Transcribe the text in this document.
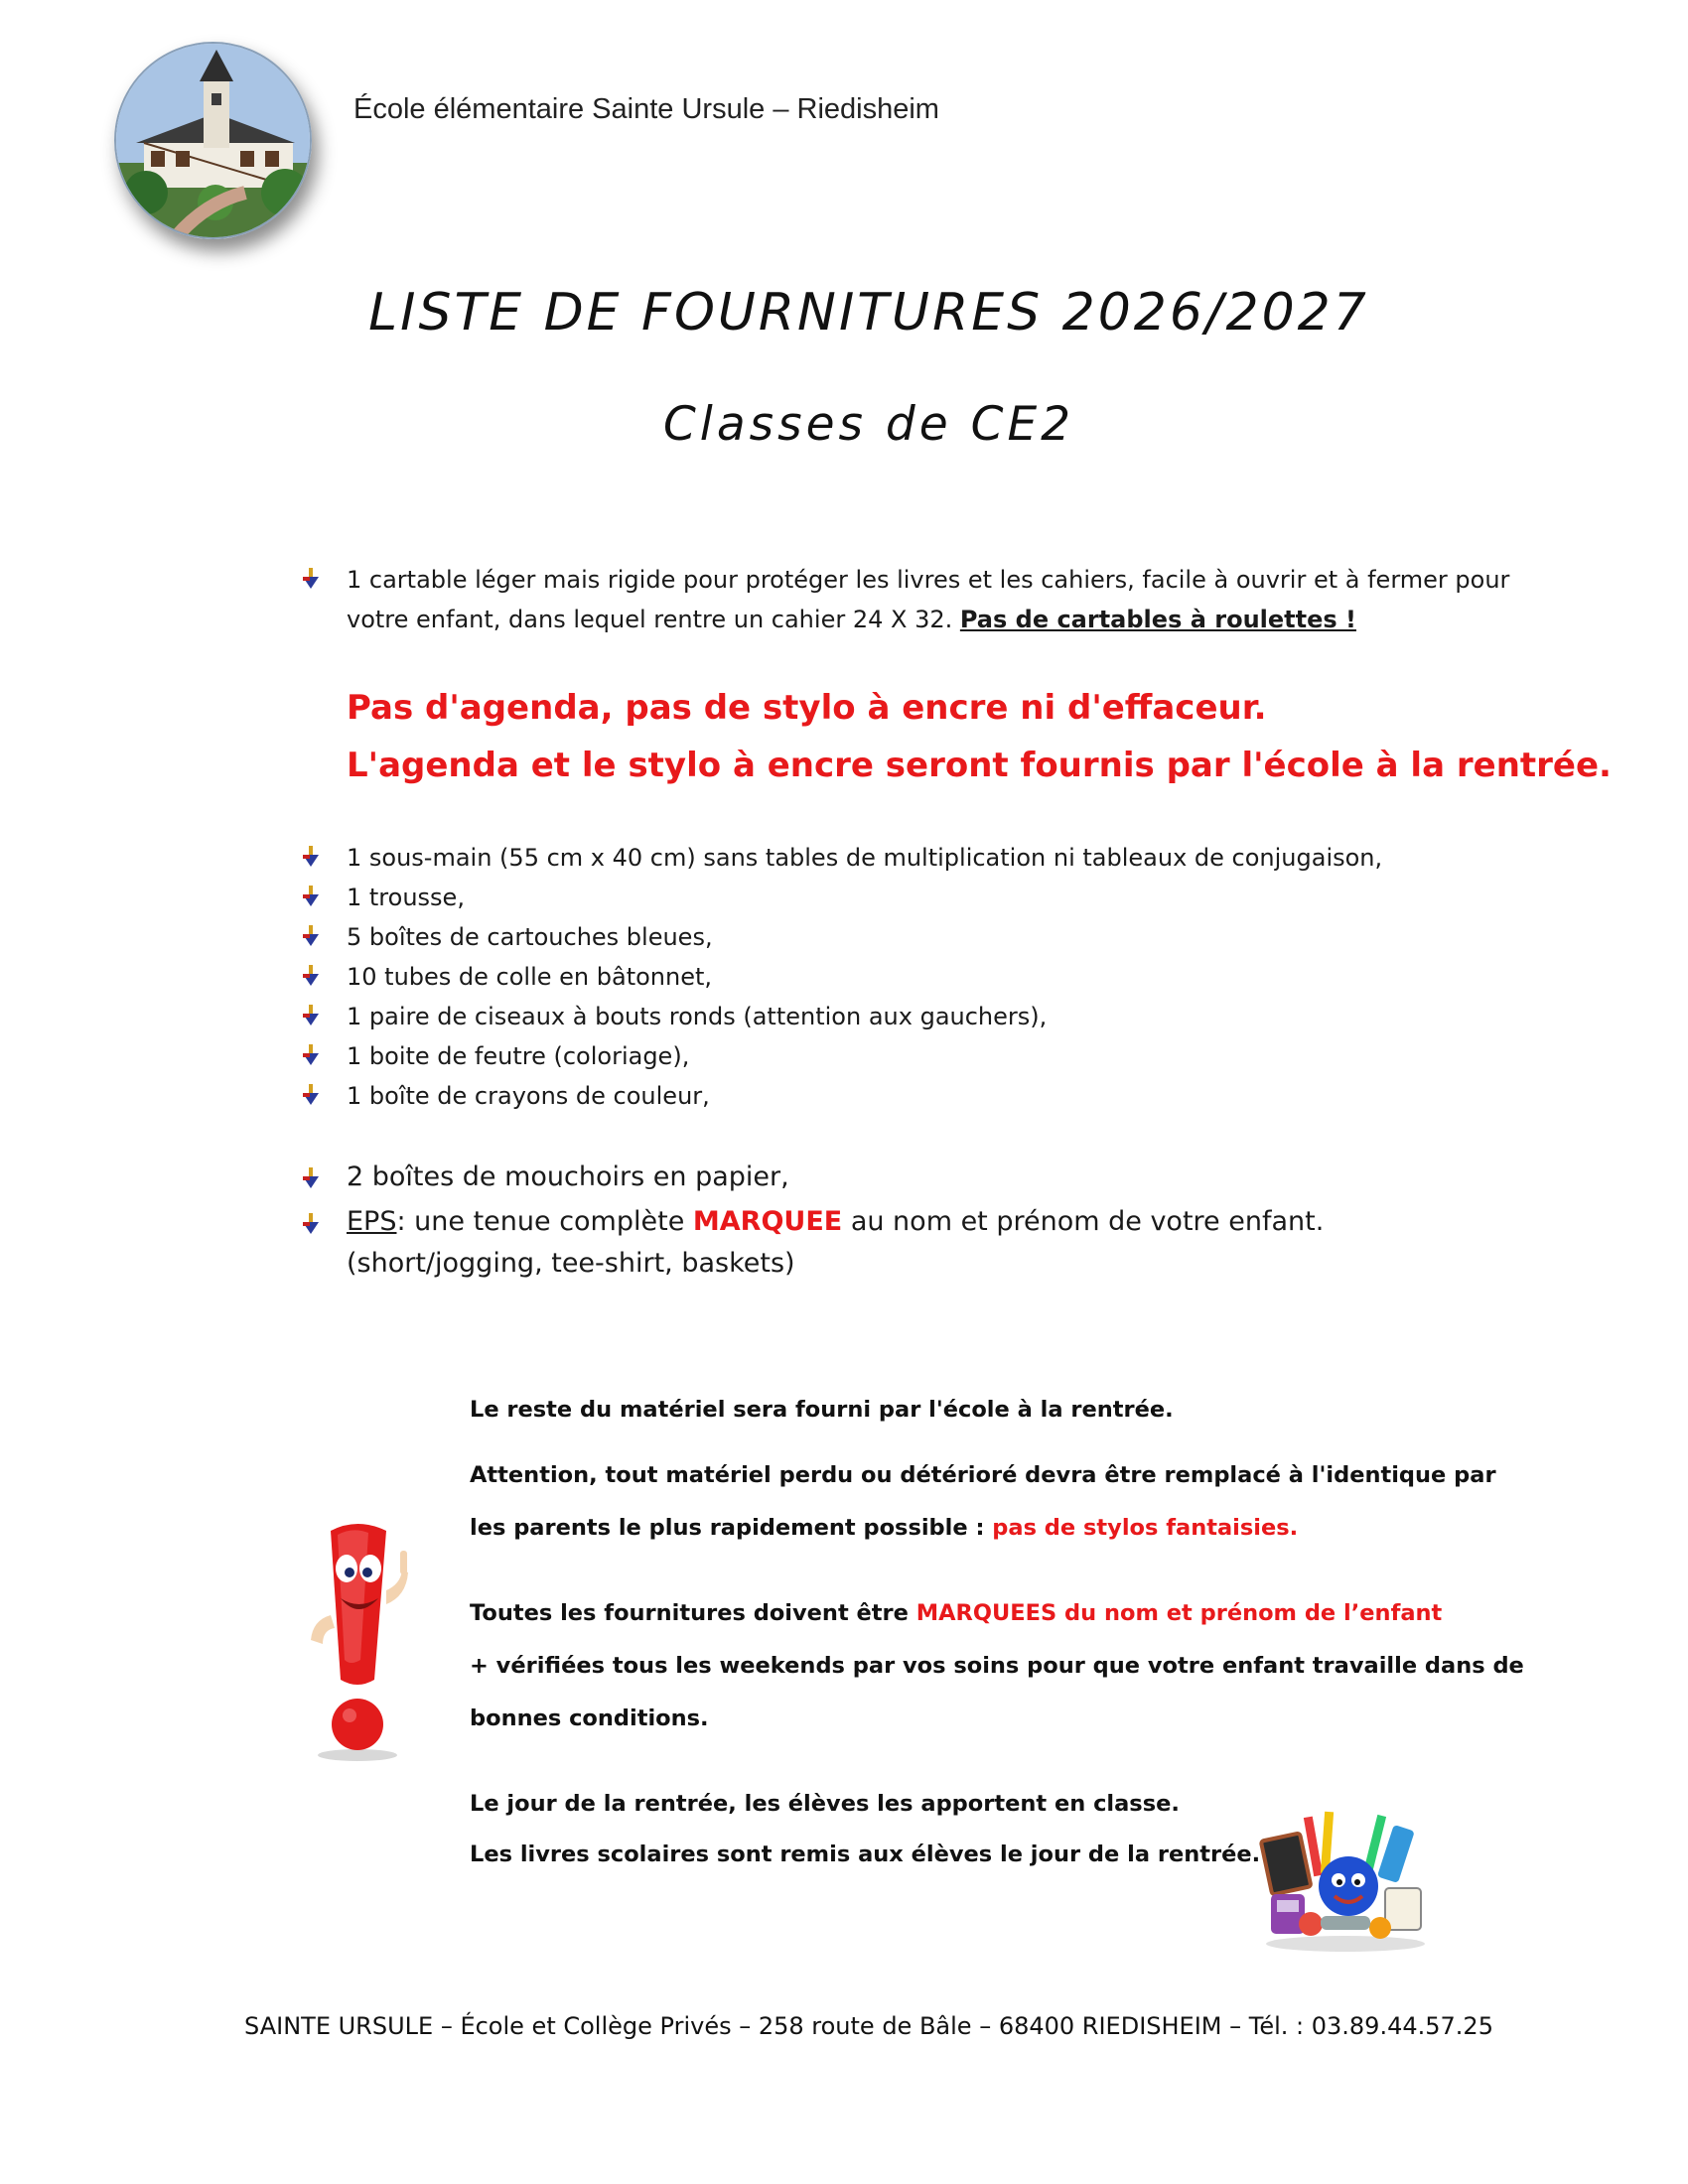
École élémentaire Sainte Ursule – Riedisheim
LISTE DE FOURNITURES 2026/2027
Classes de CE2
1 cartable léger mais rigide pour protéger les livres et les cahiers, facile à ouvrir et à fermer pour
votre enfant, dans lequel rentre un cahier 24 X 32. Pas de cartables à roulettes !
Pas d'agenda, pas de stylo à encre ni d'effaceur.
L'agenda et le stylo à encre seront fournis par l'école à la rentrée.
1 sous-main (55 cm x 40 cm) sans tables de multiplication ni tableaux de conjugaison,
1 trousse,
5 boîtes de cartouches bleues,
10 tubes de colle en bâtonnet,
1 paire de ciseaux à bouts ronds (attention aux gauchers),
1 boite de feutre (coloriage),
1 boîte de crayons de couleur,
2 boîtes de mouchoirs en papier,
EPS: une tenue complète MARQUEE au nom et prénom de votre enfant.
(short/jogging, tee-shirt, baskets)
Le reste du matériel sera fourni par l'école à la rentrée.
Attention, tout matériel perdu ou détérioré devra être remplacé à l'identique par
les parents le plus rapidement possible : pas de stylos fantaisies.
Toutes les fournitures doivent être MARQUEES du nom et prénom de l’enfant
+ vérifiées tous les weekends par vos soins pour que votre enfant travaille dans de
bonnes conditions.
Le jour de la rentrée, les élèves les apportent en classe.
Les livres scolaires sont remis aux élèves le jour de la rentrée.
SAINTE URSULE – École et Collège Privés – 258 route de Bâle – 68400 RIEDISHEIM – Tél. : 03.89.44.57.25
